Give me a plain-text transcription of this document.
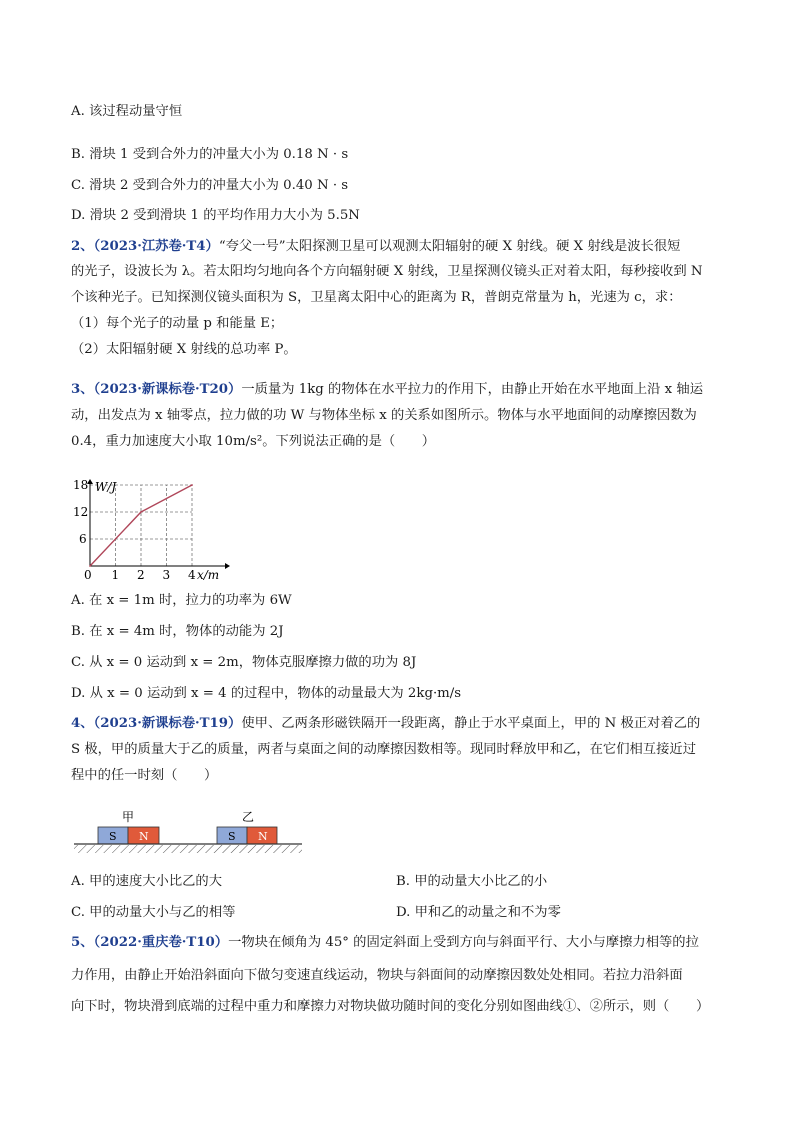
A. 该过程动量守恒
B. 滑块 1 受到合外力的冲量大小为 0.18 N · s
C. 滑块 2 受到合外力的冲量大小为 0.40 N · s
D. 滑块 2 受到滑块 1 的平均作用力大小为 5.5N
2、（2023·江苏卷·T4）“夸父一号”太阳探测卫星可以观测太阳辐射的硬 X 射线。硬 X 射线是波长很短
的光子，设波长为 λ。若太阳均匀地向各个方向辐射硬 X 射线，卫星探测仪镜头正对着太阳，每秒接收到 N
个该种光子。已知探测仪镜头面积为 S，卫星离太阳中心的距离为 R，普朗克常量为 h，光速为 c，求：
（1）每个光子的动量 p 和能量 E；
（2）太阳辐射硬 X 射线的总功率 P。
3、（2023·新课标卷·T20）一质量为 1kg 的物体在水平拉力的作用下，由静止开始在水平地面上沿 x 轴运
动，出发点为 x 轴零点，拉力做的功 W 与物体坐标 x 的关系如图所示。物体与水平地面间的动摩擦因数为
0.4，重力加速度大小取 10m/s²。下列说法正确的是（　　）
1 2 3 4
6
12
18 W/J
x/m
0
A. 在 x = 1m 时，拉力的功率为 6W
B. 在 x = 4m 时，物体的动能为 2J
C. 从 x = 0 运动到 x = 2m，物体克服摩擦力做的功为 8J
D. 从 x = 0 运动到 x = 4 的过程中，物体的动量最大为 2kg·m/s
4、（2023·新课标卷·T19）使甲、乙两条形磁铁隔开一段距离，静止于水平桌面上，甲的 N 极正对着乙的
S 极，甲的质量大于乙的质量，两者与桌面之间的动摩擦因数相等。现同时释放甲和乙，在它们相互接近过
程中的任一时刻（　　）
甲	乙
S N	S N
A. 甲的速度大小比乙的大	B. 甲的动量大小比乙的小
C. 甲的动量大小与乙的相等	D. 甲和乙的动量之和不为零
5、（2022·重庆卷·T10）一物块在倾角为 45° 的固定斜面上受到方向与斜面平行、大小与摩擦力相等的拉
力作用，由静止开始沿斜面向下做匀变速直线运动，物块与斜面间的动摩擦因数处处相同。若拉力沿斜面
向下时，物块滑到底端的过程中重力和摩擦力对物块做功随时间的变化分别如图曲线①、②所示，则（　　）
